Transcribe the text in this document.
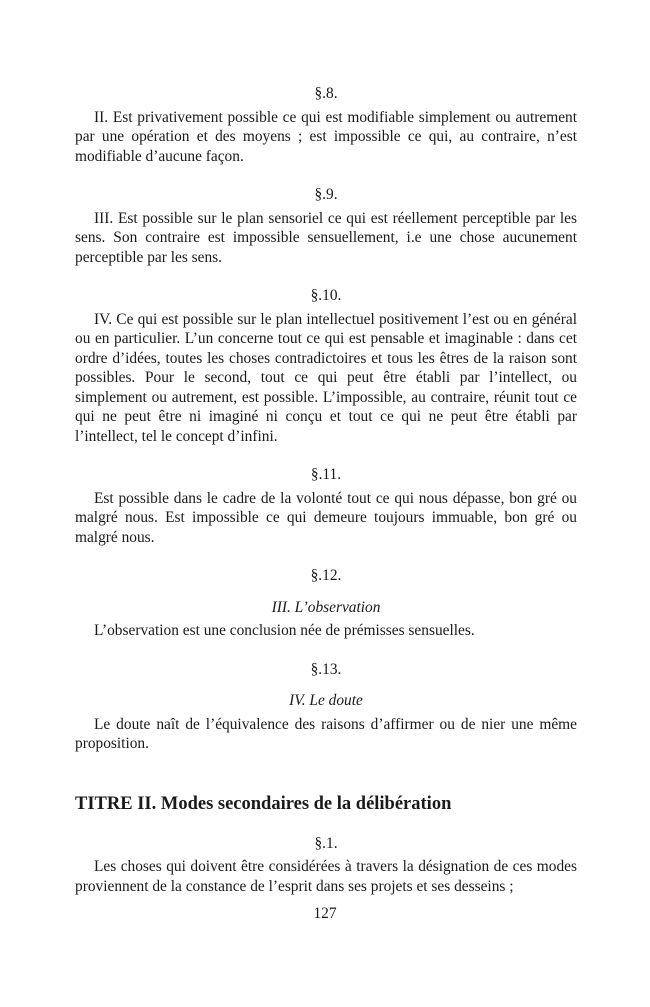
§.8.

II. Est privativement possible ce qui est modifiable simplement ou autrement par une opération et des moyens ; est impossible ce qui, au contraire, n’est modifiable d’aucune façon.

§.9.

III. Est possible sur le plan sensoriel ce qui est réellement perceptible par les sens. Son contraire est impossible sensuellement, i.e une chose aucunement perceptible par les sens.

§.10.

IV. Ce qui est possible sur le plan intellectuel positivement l’est ou en général ou en particulier. L’un concerne tout ce qui est pensable et imaginable : dans cet ordre d’idées, toutes les choses contradictoires et tous les êtres de la raison sont possibles. Pour le second, tout ce qui peut être établi par l’intellect, ou simplement ou autrement, est possible. L’impossible, au contraire, réunit tout ce qui ne peut être ni imaginé ni conçu et tout ce qui ne peut être établi par l’intellect, tel le concept d’infini.

§.11.

Est possible dans le cadre de la volonté tout ce qui nous dépasse, bon gré ou malgré nous. Est impossible ce qui demeure toujours immuable, bon gré ou malgré nous.

§.12.

III. L’observation

L’observation est une conclusion née de prémisses sensuelles.

§.13.

IV. Le doute

Le doute naît de l’équivalence des raisons d’affirmer ou de nier une même proposition.

TITRE II. Modes secondaires de la délibération

§.1.

Les choses qui doivent être considérées à travers la désignation de ces modes proviennent de la constance de l’esprit dans ses projets et ses desseins ;

127
